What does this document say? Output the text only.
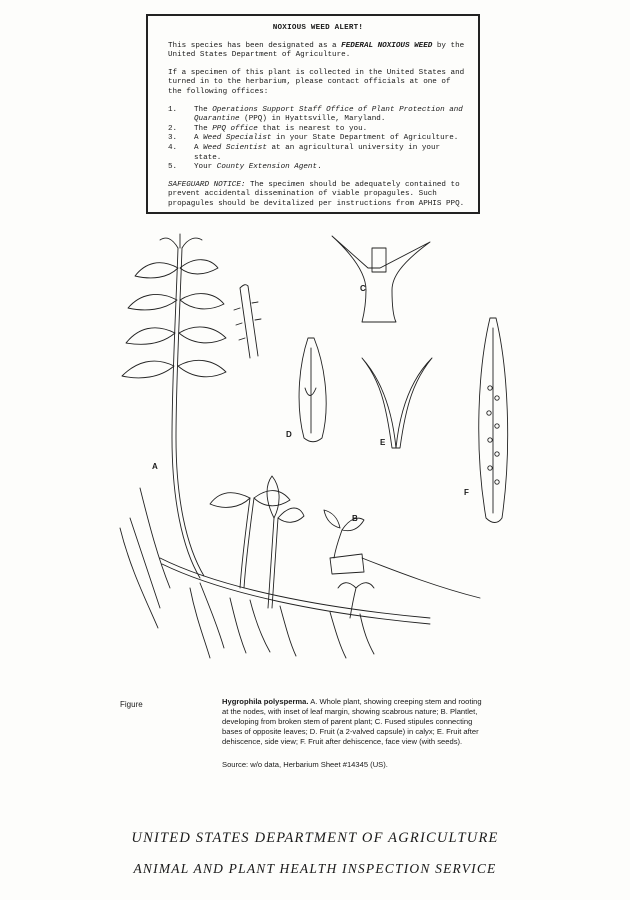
NOXIOUS WEED ALERT!

This species has been designated as a FEDERAL NOXIOUS WEED by the United States Department of Agriculture.

If a specimen of this plant is collected in the United States and turned in to the herbarium, please contact officials at one of the following offices:

1. The Operations Support Staff Office of Plant Protection and Quarantine (PPQ) in Hyattsville, Maryland.
2. The PPQ office that is nearest to you.
3. A Weed Specialist in your State Department of Agriculture.
4. A Weed Scientist at an agricultural university in your state.
5. Your County Extension Agent.

SAFEGUARD NOTICE: The specimen should be adequately contained to prevent accidental dissemination of viable propagules. Such propagules should be devitalized per instructions from APHIS PPQ.

A
B
C
D
E
F
Figure	Hygrophila polysperma. A. Whole plant, showing creeping stem and rooting at the nodes, with inset of leaf margin, showing scabrous nature; B. Plantlet, developing from broken stem of parent plant; C. Fused stipules connecting bases of opposite leaves; D. Fruit (a 2-valved capsule) in calyx; E. Fruit after dehiscence, side view; F. Fruit after dehiscence, face view (with seeds).
Source: w/o data, Herbarium Sheet #14345 (US).
UNITED STATES DEPARTMENT OF AGRICULTURE
ANIMAL AND PLANT HEALTH INSPECTION SERVICE
